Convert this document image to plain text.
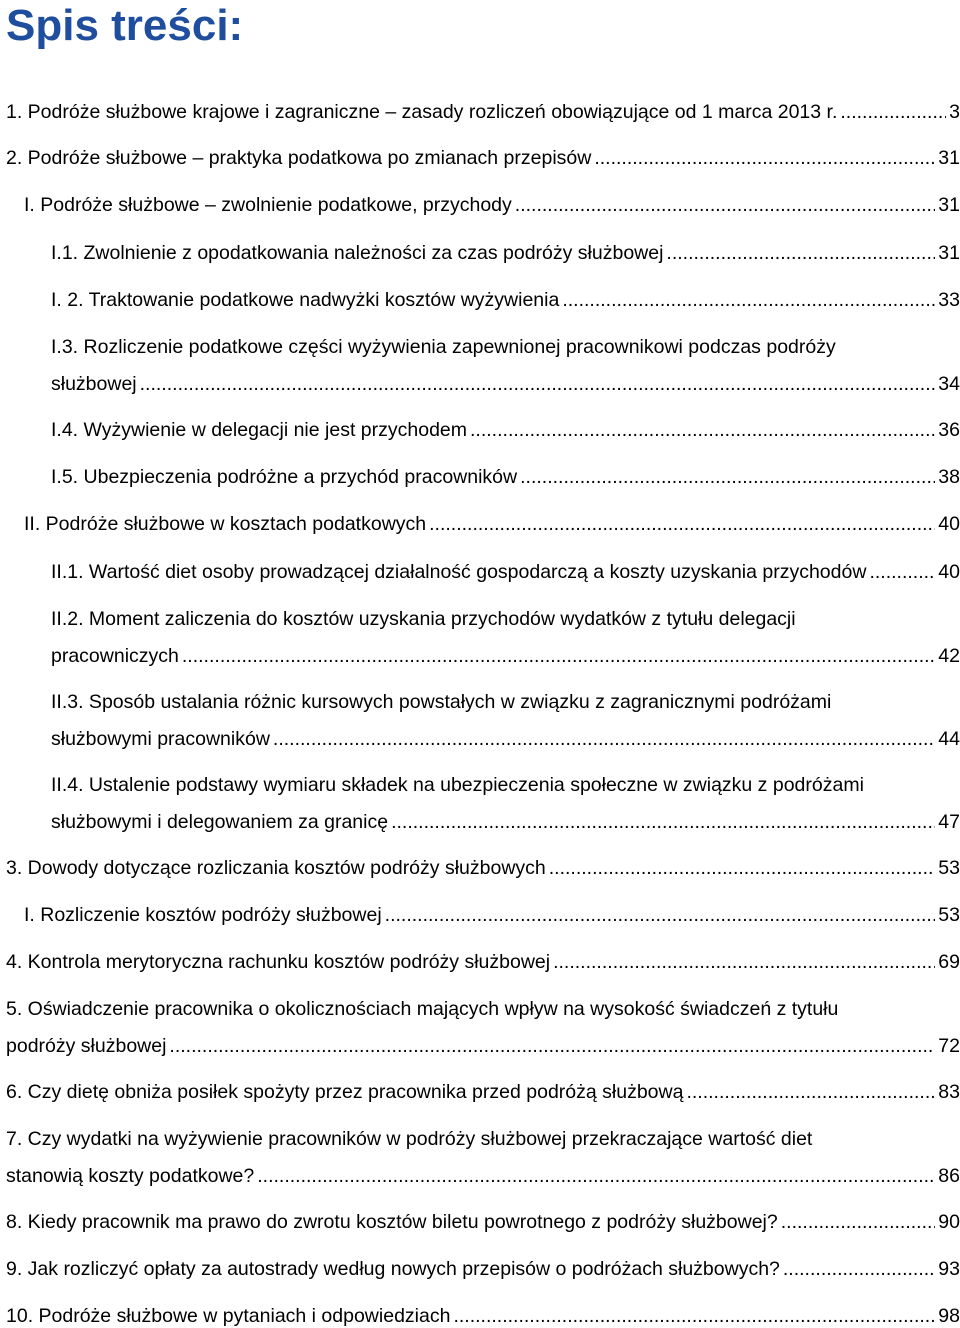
Spis treści:
1. Podróże służbowe krajowe i zagraniczne – zasady rozliczeń obowiązujące od 1 marca 2013 r. .....	3
2. Podróże służbowe – praktyka podatkowa po zmianach przepisów .....	31
I. Podróże służbowe – zwolnienie podatkowe, przychody .....	31
I.1. Zwolnienie z opodatkowania należności za czas podróży służbowej .....	31
I. 2. Traktowanie podatkowe nadwyżki kosztów wyżywienia .....	33
I.3. Rozliczenie podatkowe części wyżywienia zapewnionej pracownikowi podczas podróży
służbowej .....	34
I.4. Wyżywienie w delegacji nie jest przychodem .....	36
I.5. Ubezpieczenia podróżne a przychód pracowników .....	38
II. Podróże służbowe w kosztach podatkowych .....	40
II.1. Wartość diet osoby prowadzącej działalność gospodarczą a koszty uzyskania przychodów .....	40
II.2. Moment zaliczenia do kosztów uzyskania przychodów wydatków z tytułu delegacji
pracowniczych .....	42
II.3. Sposób ustalania różnic kursowych powstałych w związku z zagranicznymi podróżami
służbowymi pracowników .....	44
II.4. Ustalenie podstawy wymiaru składek na ubezpieczenia społeczne w związku z podróżami
służbowymi i delegowaniem za granicę .....	47
3. Dowody dotyczące rozliczania kosztów podróży służbowych .....	53
I. Rozliczenie kosztów podróży służbowej .....	53
4. Kontrola merytoryczna rachunku kosztów podróży służbowej .....	69
5. Oświadczenie pracownika o okolicznościach mających wpływ na wysokość świadczeń z tytułu
podróży służbowej .....	72
6. Czy dietę obniża posiłek spożyty przez pracownika przed podróżą służbową .....	83
7. Czy wydatki na wyżywienie pracowników w podróży służbowej przekraczające wartość diet
stanowią koszty podatkowe? .....	86
8. Kiedy pracownik ma prawo do zwrotu kosztów biletu powrotnego z podróży służbowej? .....	90
9. Jak rozliczyć opłaty za autostrady według nowych przepisów o podróżach służbowych? .....	93
10. Podróże służbowe w pytaniach i odpowiedziach .....	98
